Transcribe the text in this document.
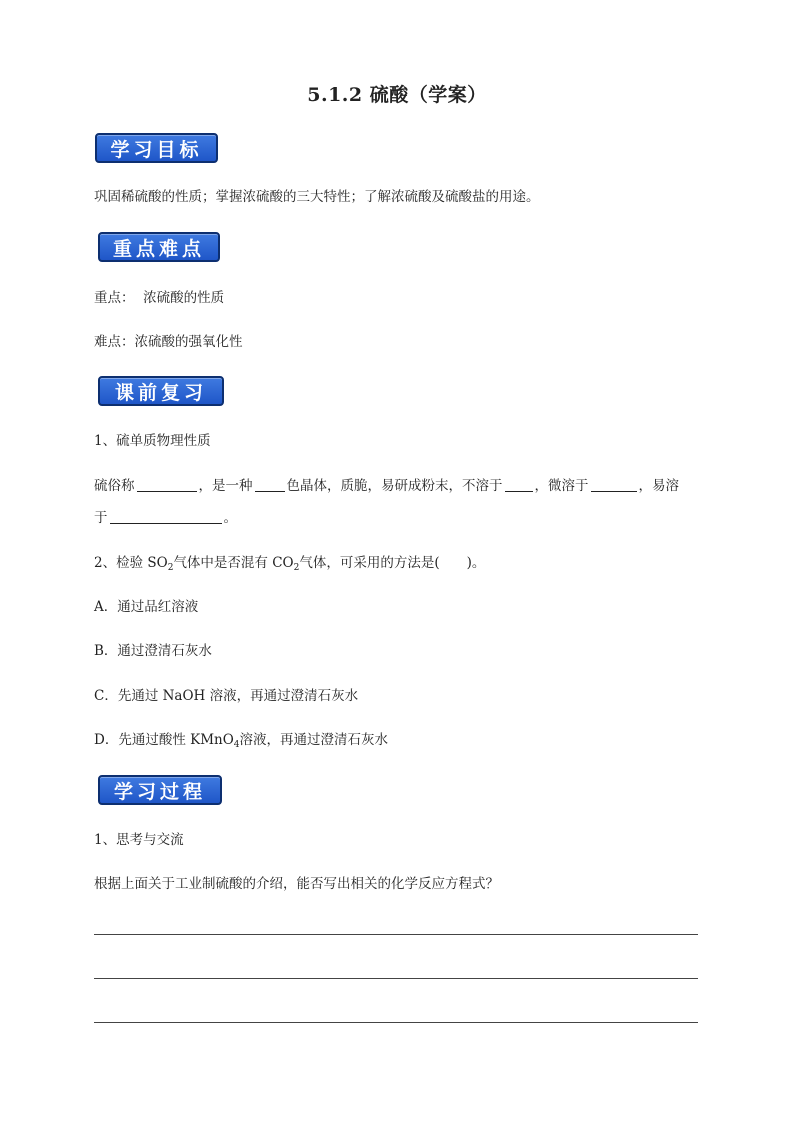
5.1.2 硫酸（学案）
学习目标
巩固稀硫酸的性质；掌握浓硫酸的三大特性；了解浓硫酸及硫酸盐的用途。
重点难点
重点： 浓硫酸的性质
难点：浓硫酸的强氧化性
课前复习
1、硫单质物理性质
硫俗称	，是一种	色晶体，质脆，易研成粉末，不溶于 ，微溶于	，易溶
于	。
2、检验 $SO_2$气体中是否混有 $CO_2$气体，可采用的方法是(　　)。
A．通过品红溶液
B．通过澄清石灰水
C．先通过 NaOH 溶液，再通过澄清石灰水
D．先通过酸性 KMnO$_4$溶液，再通过澄清石灰水
学习过程
1、思考与交流
根据上面关于工业制硫酸的介绍，能否写出相关的化学反应方程式？
